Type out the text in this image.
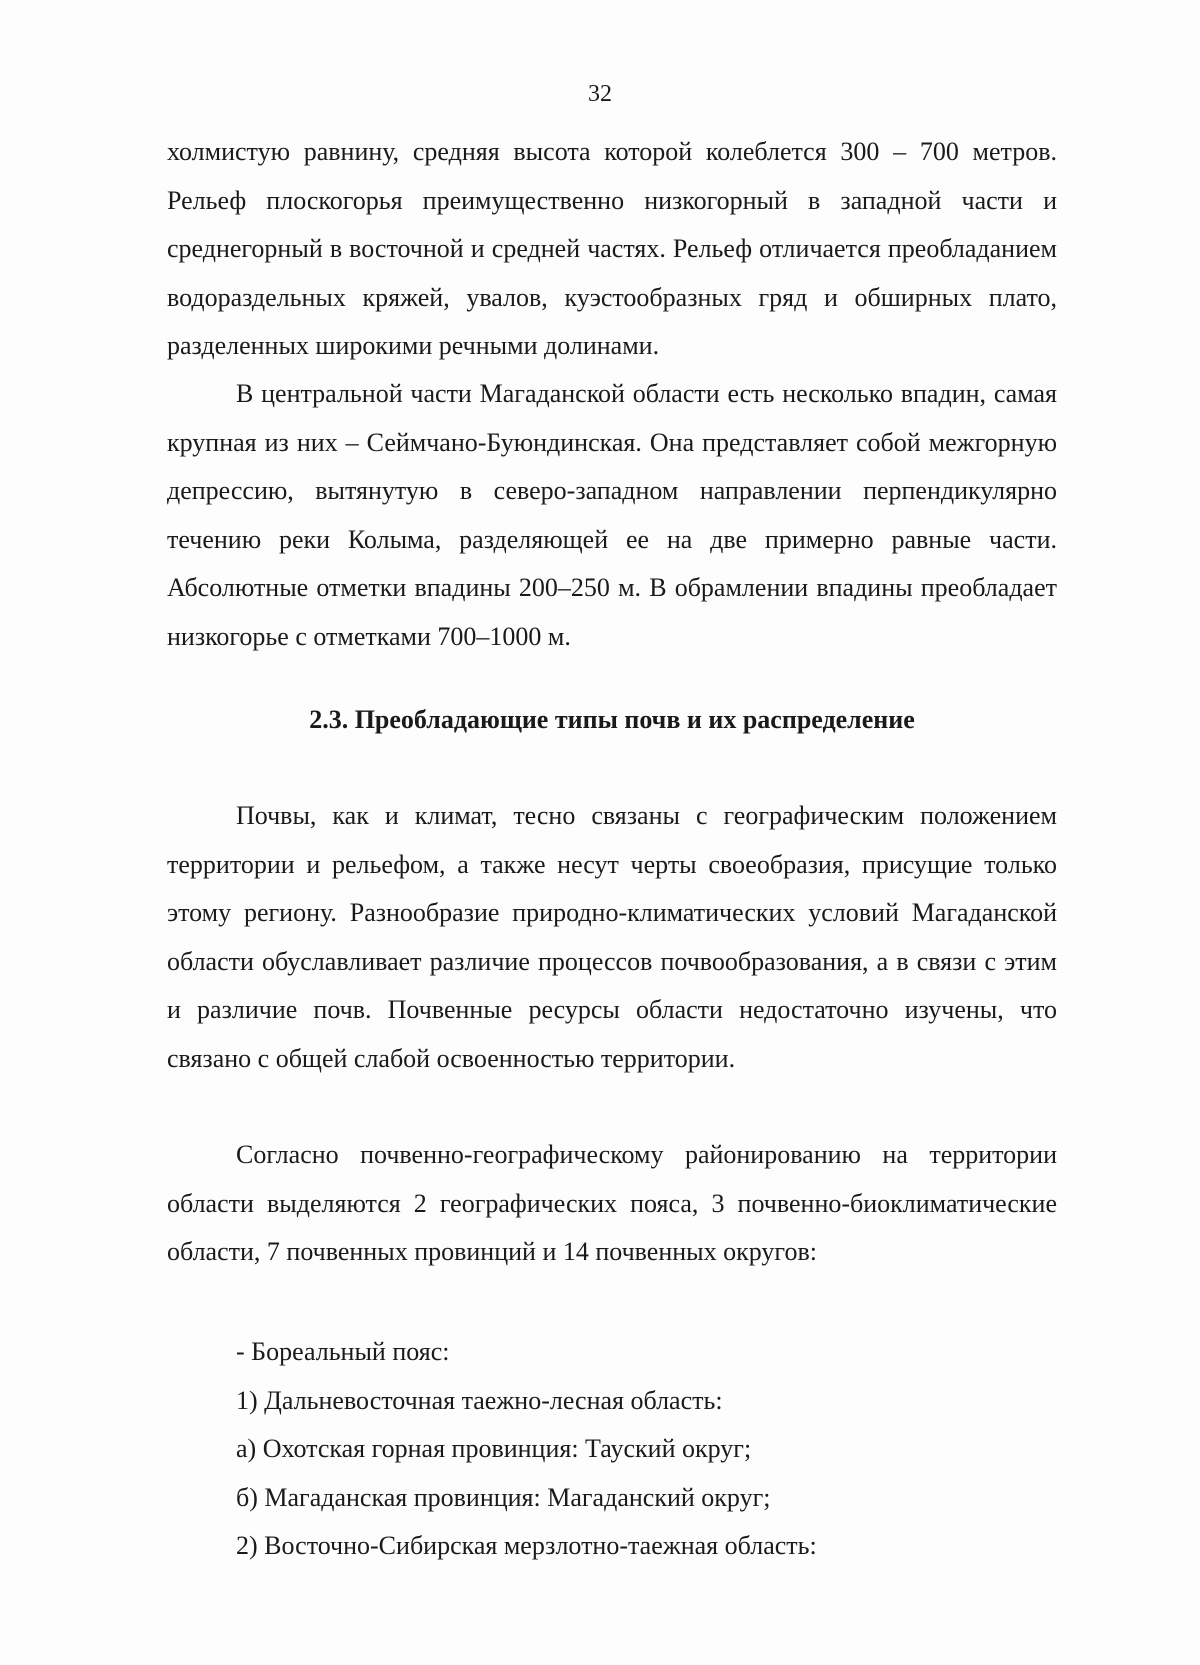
32

холмистую равнину, средняя высота которой колеблется 300 – 700 метров. Рельеф плоскогорья преимущественно низкогорный в западной части и среднегорный в восточной и средней частях. Рельеф отличается преобладанием водораздельных кряжей, увалов, куэстообразных гряд и обширных плато, разделенных широкими речными долинами.

В центральной части Магаданской области есть несколько впадин, самая крупная из них – Сеймчано-Буюндинская. Она представляет собой межгорную депрессию, вытянутую в северо-западном направлении перпендикулярно течению реки Колыма, разделяющей ее на две примерно равные части. Абсолютные отметки впадины 200–250 м. В обрамлении впадины преобладает низкогорье с отметками 700–1000 м.

2.3. Преобладающие типы почв и их распределение

Почвы, как и климат, тесно связаны с географическим положением территории и рельефом, а также несут черты своеобразия, присущие только этому региону. Разнообразие природно-климатических условий Магаданской области обуславливает различие процессов почвообразования, а в связи с этим и различие почв. Почвенные ресурсы области недостаточно изучены, что связано с общей слабой освоенностью территории.

Согласно почвенно-географическому районированию на территории области выделяются 2 географических пояса, 3 почвенно-биоклиматические области, 7 почвенных провинций и 14 почвенных округов:

- Бореальный пояс:
1) Дальневосточная таежно-лесная область:
а) Охотская горная провинция: Тауский округ;
б) Магаданская провинция: Магаданский округ;
2) Восточно-Сибирская мерзлотно-таежная область:
